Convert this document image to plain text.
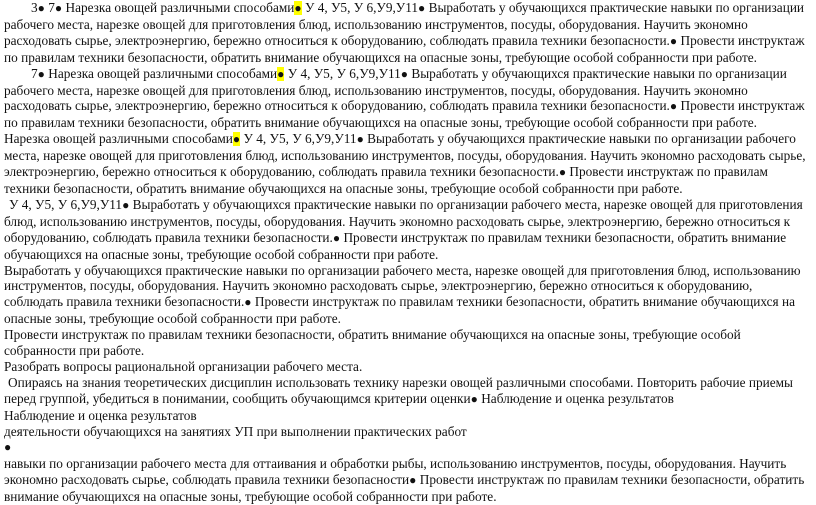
3● 7● Нарезка овощей различными способами● У 4, У5, У 6,У9,У11● Выработать у обучающихся практические навыки по организации рабочего места, нарезке овощей для приготовления блюд, использованию инструментов, посуды, оборудования. Научить экономно расходовать сырье, электроэнергию, бережно относиться к оборудованию, соблюдать правила техники безопасности.● Провести инструктаж по правилам техники безопасности, обратить внимание обучающихся на опасные зоны, требующие особой собранности при работе.

7● Нарезка овощей различными способами● У 4, У5, У 6,У9,У11● Выработать у обучающихся практические навыки по организации рабочего места, нарезке овощей для приготовления блюд, использованию инструментов, посуды, оборудования. Научить экономно расходовать сырье, электроэнергию, бережно относиться к оборудованию, соблюдать правила техники безопасности.● Провести инструктаж по правилам техники безопасности, обратить внимание обучающихся на опасные зоны, требующие особой собранности при работе.

Нарезка овощей различными способами● У 4, У5, У 6,У9,У11● Выработать у обучающихся практические навыки по организации рабочего места, нарезке овощей для приготовления блюд, использованию инструментов, посуды, оборудования. Научить экономно расходовать сырье, электроэнергию, бережно относиться к оборудованию, соблюдать правила техники безопасности.● Провести инструктаж по правилам техники безопасности, обратить внимание обучающихся на опасные зоны, требующие особой собранности при работе.

У 4, У5, У 6,У9,У11● Выработать у обучающихся практические навыки по организации рабочего места, нарезке овощей для приготовления блюд, использованию инструментов, посуды, оборудования. Научить экономно расходовать сырье, электроэнергию, бережно относиться к оборудованию, соблюдать правила техники безопасности.● Провести инструктаж по правилам техники безопасности, обратить внимание обучающихся на опасные зоны, требующие особой собранности при работе.

Выработать у обучающихся практические навыки по организации рабочего места, нарезке овощей для приготовления блюд, использованию инструментов, посуды, оборудования. Научить экономно расходовать сырье, электроэнергию, бережно относиться к оборудованию, соблюдать правила техники безопасности.● Провести инструктаж по правилам техники безопасности, обратить внимание обучающихся на опасные зоны, требующие особой собранности при работе.

Провести инструктаж по правилам техники безопасности, обратить внимание обучающихся на опасные зоны, требующие особой собранности при работе.

Разобрать вопросы рациональной организации рабочего места.

Опираясь на знания теоретических дисциплин использовать технику нарезки овощей различными способами. Повторить рабочие приемы перед группой, убедиться в понимании, сообщить обучающимся критерии оценки● Наблюдение и оценка результатов

Наблюдение и оценка результатов

деятельности обучающихся на занятиях УП при выполнении практических работ

●

навыки по организации рабочего места для оттаивания и обработки рыбы, использованию инструментов, посуды, оборудования. Научить экономно расходовать сырье, соблюдать правила техники безопасности● Провести инструктаж по правилам техники безопасности, обратить внимание обучающихся на опасные зоны, требующие особой собранности при работе.
